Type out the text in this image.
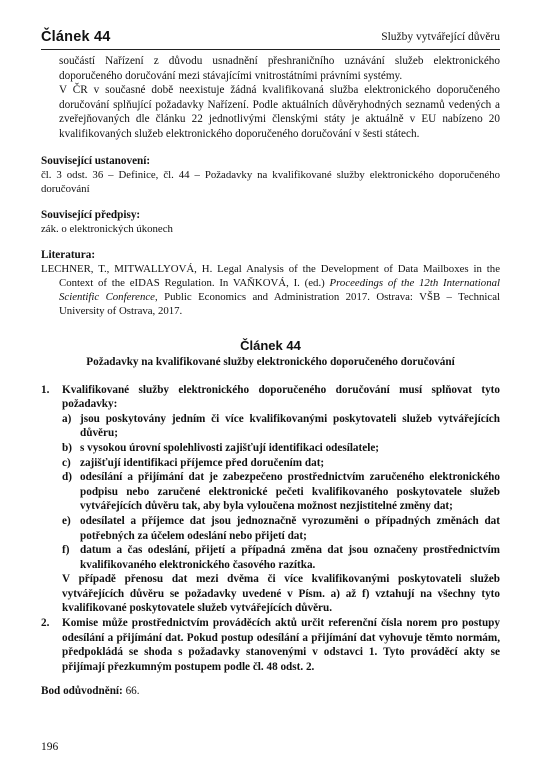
Článek 44	Služby vytvářející důvěru

součástí Nařízení z důvodu usnadnění přeshraničního uznávání služeb elektronického doporučeného doručování mezi stávajícími vnitrostátními právními systémy.

V ČR v současné době neexistuje žádná kvalifikovaná služba elektronického doporučeného doručování splňující požadavky Nařízení. Podle aktuálních důvěryhodných seznamů vedených a zveřejňovaných dle článku 22 jednotlivými členskými státy je aktuálně v EU nabízeno 20 kvalifikovaných služeb elektronického doporučeného doručování v šesti státech.

Související ustanovení:

čl. 3 odst. 36 – Definice, čl. 44 – Požadavky na kvalifikované služby elektronického doporučeného doručování

Související předpisy:

zák. o elektronických úkonech

Literatura:

LECHNER, T., MITWALLYOVÁ, H. Legal Analysis of the Development of Data Mailboxes in the Context of the eIDAS Regulation. In VAŇKOVÁ, I. (ed.) Proceedings of the 12th International Scientific Conference, Public Economics and Administration 2017. Ostrava: VŠB – Technical University of Ostrava, 2017.

Článek 44

Požadavky na kvalifikované služby elektronického doporučeného doručování

1. Kvalifikované služby elektronického doporučeného doručování musí splňovat tyto požadavky:
a) jsou poskytovány jedním či více kvalifikovanými poskytovateli služeb vytvářejících důvěru;
b) s vysokou úrovní spolehlivosti zajišťují identifikaci odesílatele;
c) zajišťují identifikaci příjemce před doručením dat;
d) odesílání a přijímání dat je zabezpečeno prostřednictvím zaručeného elektronického podpisu nebo zaručené elektronické pečeti kvalifikovaného poskytovatele služeb vytvářejících důvěru tak, aby byla vyloučena možnost nezjistitelné změny dat;
e) odesílatel a příjemce dat jsou jednoznačně vyrozuměni o případných změnách dat potřebných za účelem odeslání nebo přijetí dat;
f) datum a čas odeslání, přijetí a případná změna dat jsou označeny prostřednictvím kvalifikovaného elektronického časového razítka.
V případě přenosu dat mezi dvěma či více kvalifikovanými poskytovateli služeb vytvářejících důvěru se požadavky uvedené v Písm. a) až f) vztahují na všechny tyto kvalifikované poskytovatele služeb vytvářejících důvěru.
2. Komise může prostřednictvím prováděcích aktů určit referenční čísla norem pro postupy odesílání a přijímání dat. Pokud postup odesílání a přijímání dat vyhovuje těmto normám, předpokládá se shoda s požadavky stanovenými v odstavci 1. Tyto prováděcí akty se přijímají přezkumným postupem podle čl. 48 odst. 2.

Bod odůvodnění: 66.

196
